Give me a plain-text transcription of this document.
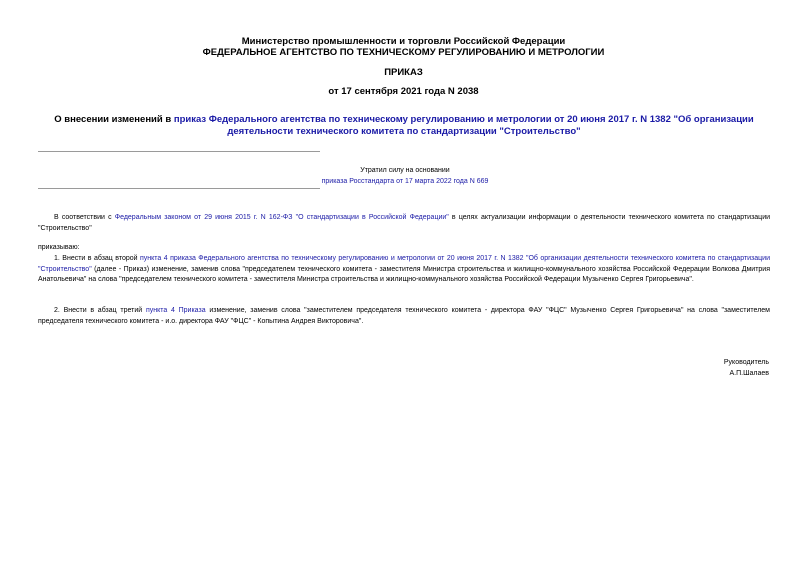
Министерство промышленности и торговли Российской Федерации
ФЕДЕРАЛЬНОЕ АГЕНТСТВО ПО ТЕХНИЧЕСКОМУ РЕГУЛИРОВАНИЮ И МЕТРОЛОГИИ
ПРИКАЗ
от 17 сентября 2021 года N 2038
О внесении изменений в приказ Федерального агентства по техническому регулированию и метрологии от 20 июня 2017 г. N 1382 "Об организации деятельности технического комитета по стандартизации "Строительство"
Утратил силу на основании
приказа Росстандарта от 17 марта 2022 года N 669
В соответствии с Федеральным законом от 29 июня 2015 г. N 162-ФЗ "О стандартизации в Российской Федерации" в целях актуализации информации о деятельности технического комитета по стандартизации "Строительство"
приказываю:
1. Внести в абзац второй пункта 4 приказа Федерального агентства по техническому регулированию и метрологии от 20 июня 2017 г. N 1382 "Об организации деятельности технического комитета по стандартизации "Строительство" (далее - Приказ) изменение, заменив слова "председателем технического комитета - заместителя Министра строительства и жилищно-коммунального хозяйства Российской Федерации Волкова Дмитрия Анатольевича" на слова "председателем технического комитета - заместителя Министра строительства и жилищно-коммунального хозяйства Российской Федерации Музыченко Сергея Григорьевича".
2. Внести в абзац третий пункта 4 Приказа изменение, заменив слова "заместителем председателя технического комитета - директора ФАУ "ФЦС" Музыченко Сергея Григорьевича" на слова "заместителем председателя технического комитета - и.о. директора ФАУ "ФЦС" - Копытина Андрея Викторовича".
Руководитель
А.П.Шалаев
